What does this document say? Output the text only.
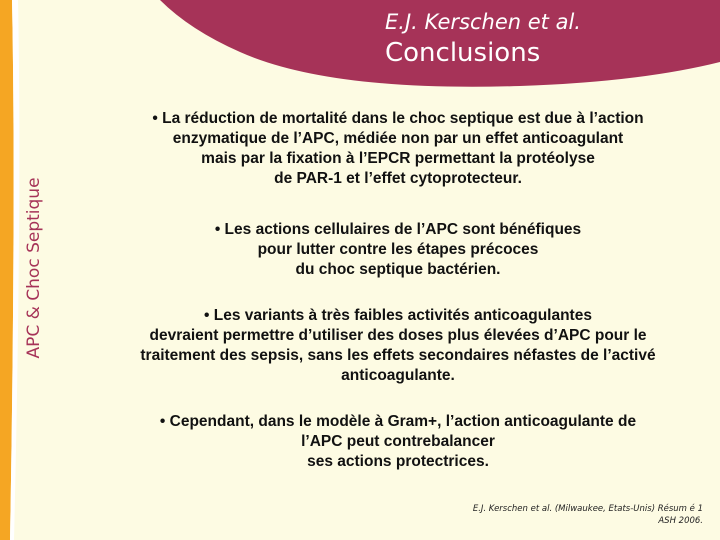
APC & Choc Septique
E.J. Kerschen et al.
Conclusions
• La réduction de mortalité dans le choc septique est due à l’action
enzymatique de l’APC, médiée non par un effet anticoagulant
mais par la fixation à l’EPCR permettant la protéolyse
de PAR-1 et l’effet cytoprotecteur.
• Les actions cellulaires de l’APC sont bénéfiques
pour lutter contre les étapes précoces
du choc septique bactérien.
• Les variants à très faibles activités anticoagulantes
devraient permettre d’utiliser des doses plus élevées d’APC pour le
traitement des sepsis, sans les effets secondaires néfastes de l’activé
anticoagulante.
• Cependant, dans le modèle à Gram+, l’action anticoagulante de
l’APC peut contrebalancer
ses actions protectrices.
E.J. Kerschen et al. (Milwaukee, Etats-Unis) Résum é 1
ASH 2006.
